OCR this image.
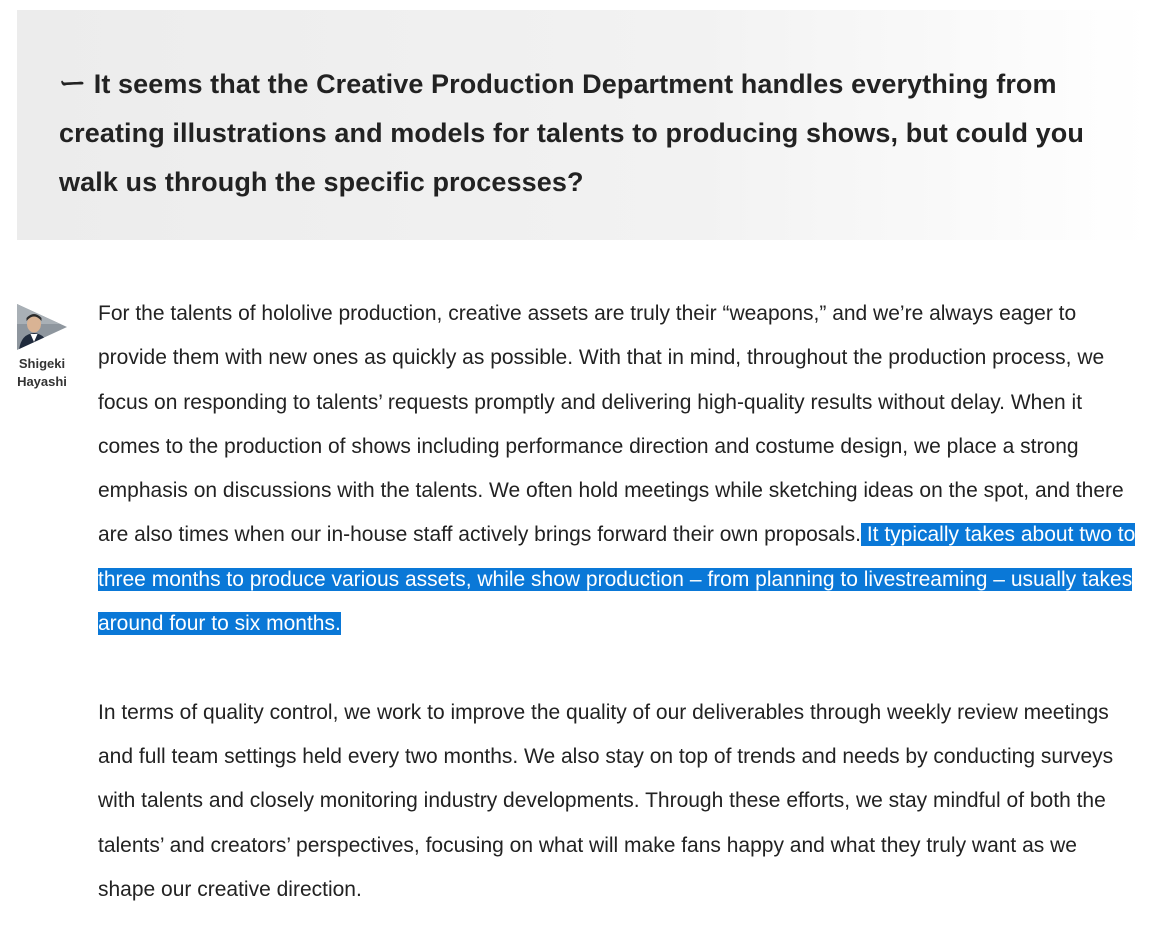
ー It seems that the Creative Production Department handles everything from creating illustrations and models for talents to producing shows, but could you walk us through the specific processes?

Shigeki
Hayashi

For the talents of hololive production, creative assets are truly their “weapons,” and we’re always eager to provide them with new ones as quickly as possible. With that in mind, throughout the production process, we focus on responding to talents’ requests promptly and delivering high-quality results without delay. When it comes to the production of shows including performance direction and costume design, we place a strong emphasis on discussions with the talents. We often hold meetings while sketching ideas on the spot, and there are also times when our in-house staff actively brings forward their own proposals. It typically takes about two to three months to produce various assets, while show production – from planning to livestreaming – usually takes around four to six months.

In terms of quality control, we work to improve the quality of our deliverables through weekly review meetings and full team settings held every two months. We also stay on top of trends and needs by conducting surveys with talents and closely monitoring industry developments. Through these efforts, we stay mindful of both the talents’ and creators’ perspectives, focusing on what will make fans happy and what they truly want as we shape our creative direction.
